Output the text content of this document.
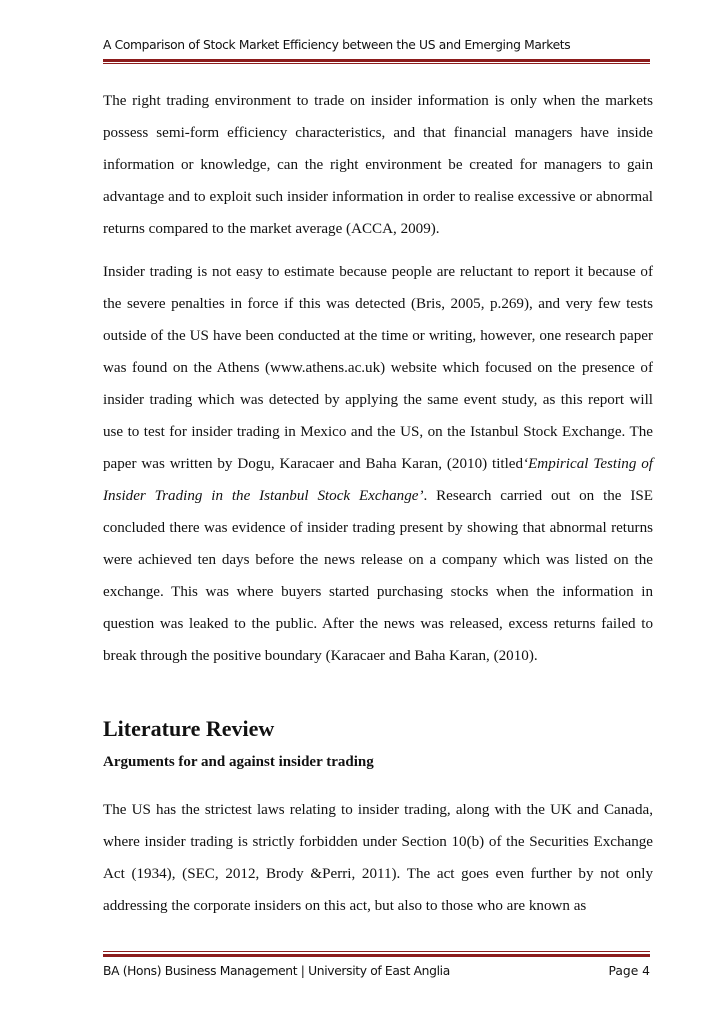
A Comparison of Stock Market Efficiency between the US and Emerging Markets
The right trading environment to trade on insider information is only when the markets possess semi-form efficiency characteristics, and that financial managers have inside information or knowledge, can the right environment be created for managers to gain advantage and to exploit such insider information in order to realise excessive or abnormal returns compared to the market average (ACCA, 2009).
Insider trading is not easy to estimate because people are reluctant to report it because of the severe penalties in force if this was detected (Bris, 2005, p.269), and very few tests outside of the US have been conducted at the time or writing, however, one research paper was found on the Athens (www.athens.ac.uk) website which focused on the presence of insider trading which was detected by applying the same event study, as this report will use to test for insider trading in Mexico and the US, on the Istanbul Stock Exchange. The paper was written by Dogu, Karacaer and Baha Karan, (2010) titled‘Empirical Testing of Insider Trading in the Istanbul Stock Exchange’. Research carried out on the ISE concluded there was evidence of insider trading present by showing that abnormal returns were achieved ten days before the news release on a company which was listed on the exchange. This was where buyers started purchasing stocks when the information in question was leaked to the public. After the news was released, excess returns failed to break through the positive boundary (Karacaer and Baha Karan, (2010).
Literature Review
Arguments for and against insider trading
The US has the strictest laws relating to insider trading, along with the UK and Canada, where insider trading is strictly forbidden under Section 10(b) of the Securities Exchange Act (1934), (SEC, 2012, Brody &Perri, 2011). The act goes even further by not only addressing the corporate insiders on this act, but also to those who are known as
BA (Hons) Business Management | University of East Anglia	Page 4
